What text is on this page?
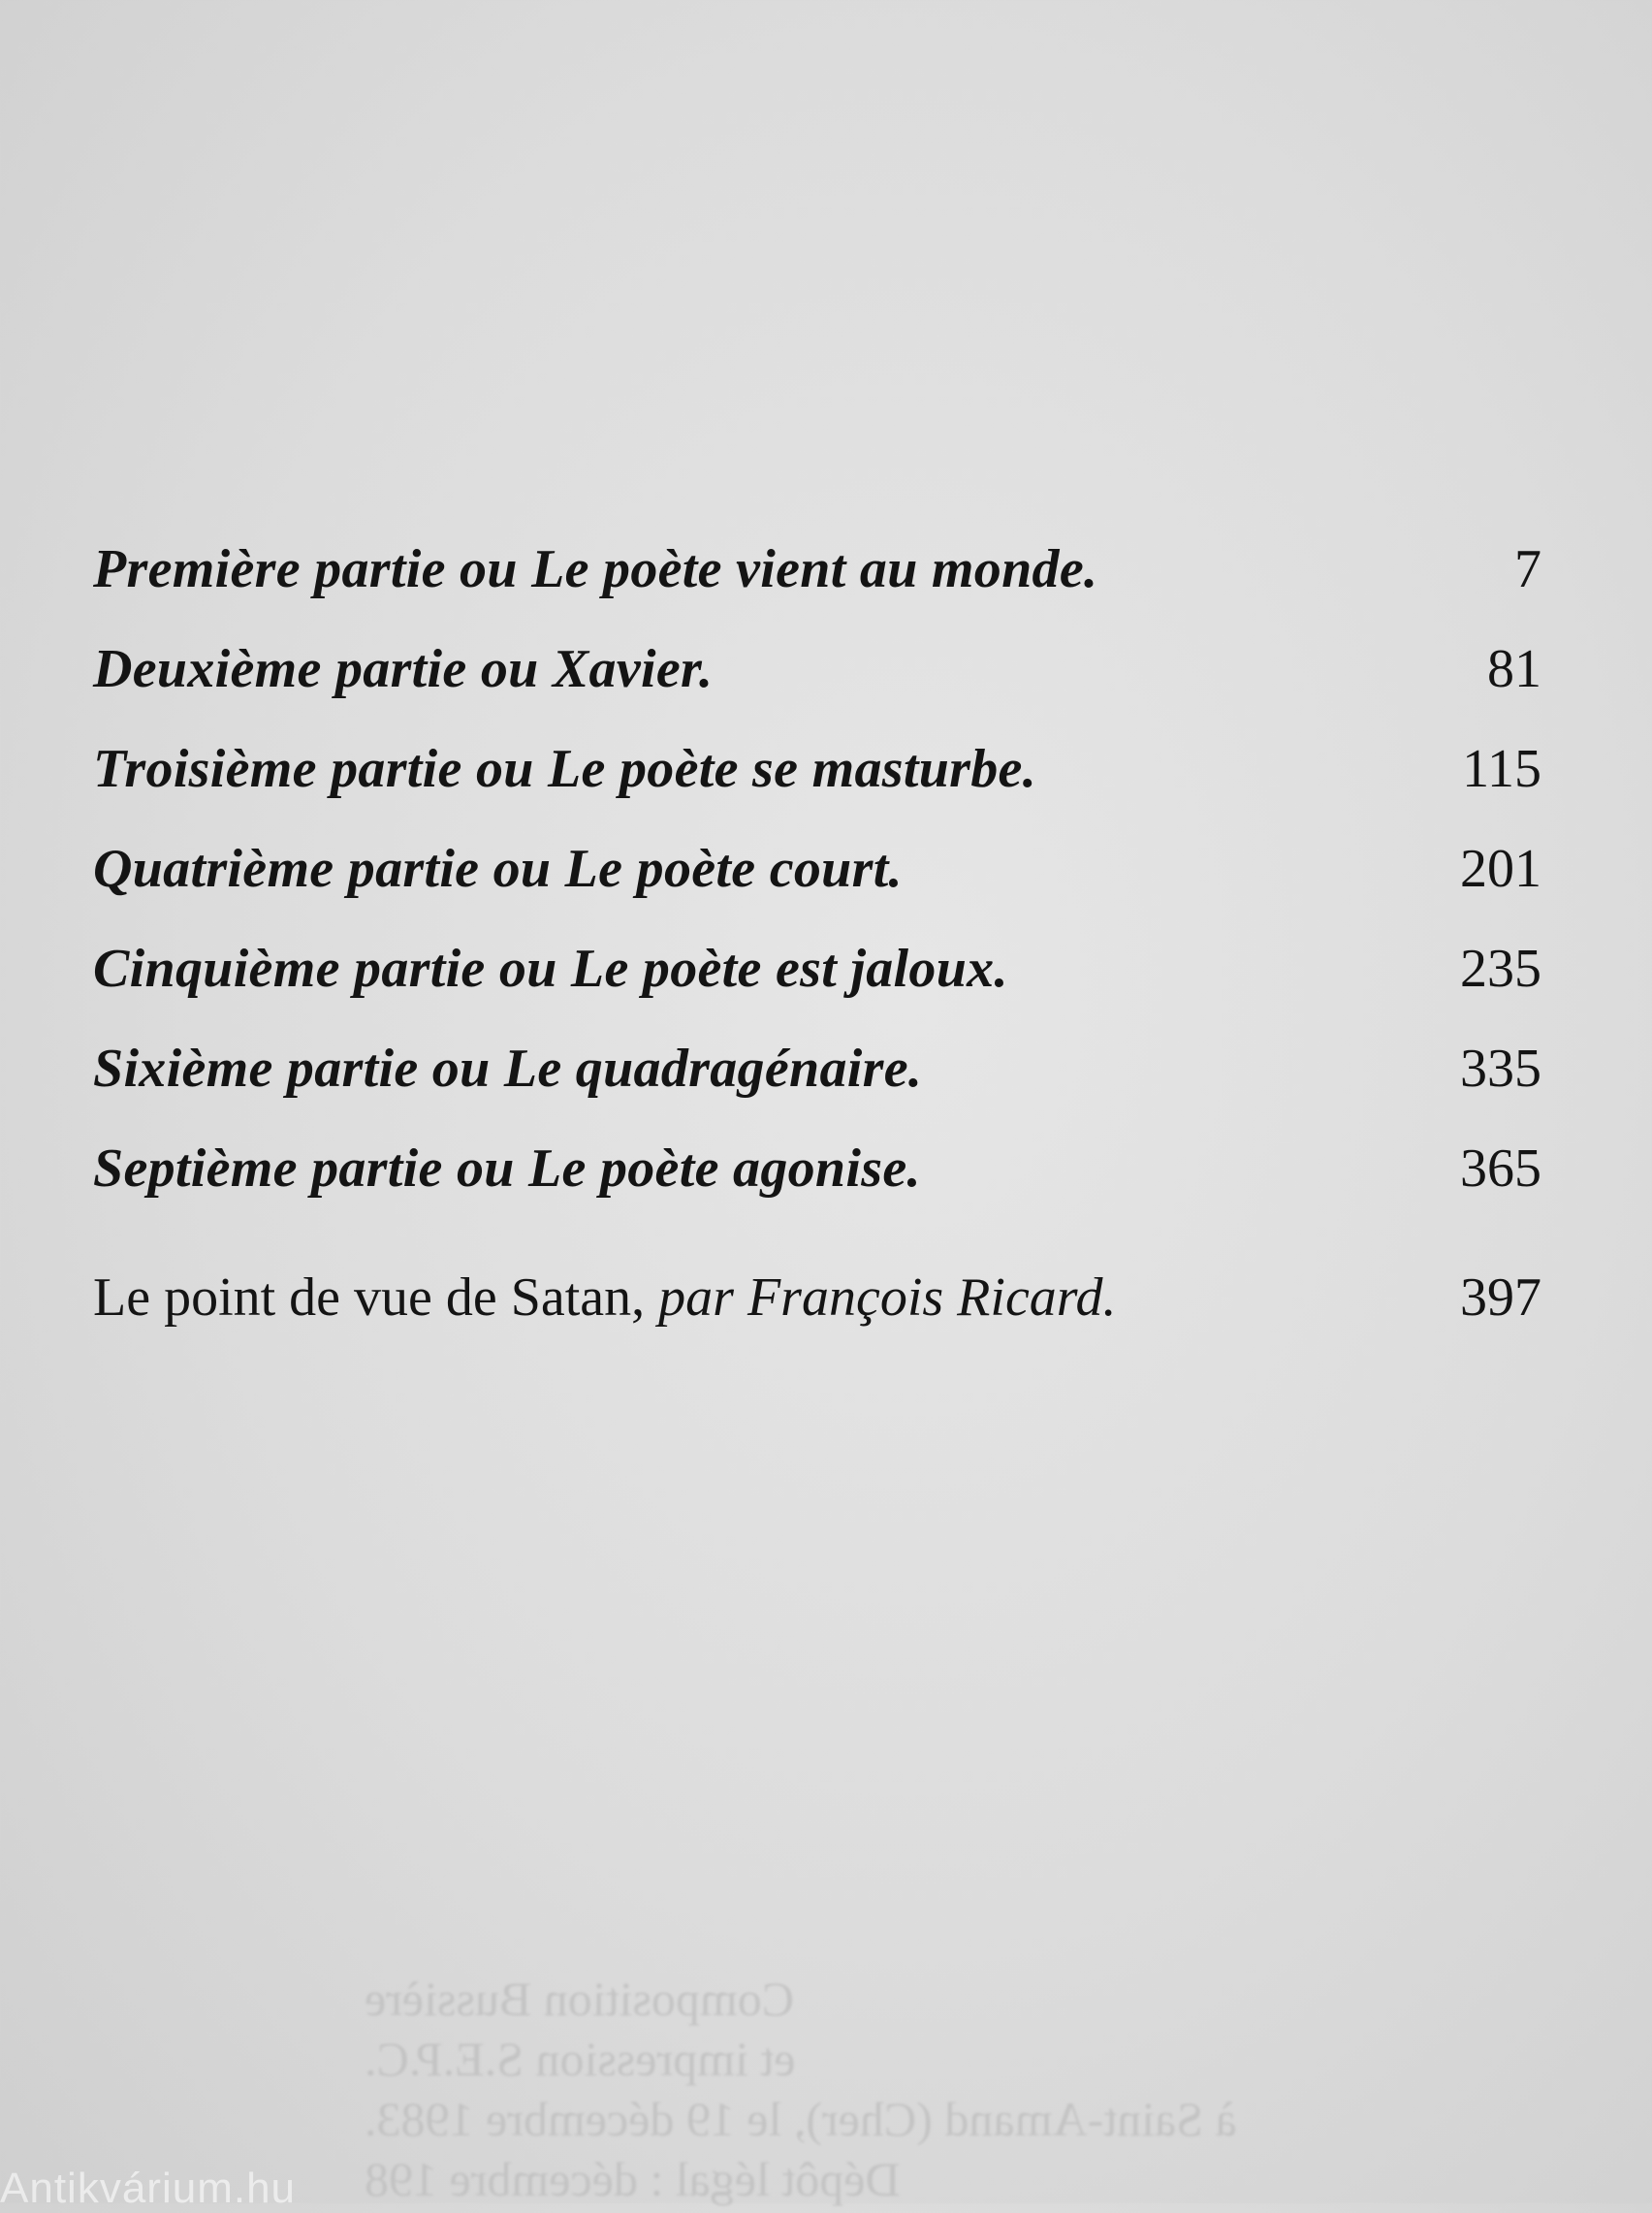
Première partie ou Le poète vient au monde.	7
Deuxième partie ou Xavier.	81
Troisième partie ou Le poète se masturbe.	115
Quatrième partie ou Le poète court.	201
Cinquième partie ou Le poète est jaloux.	235
Sixième partie ou Le quadragénaire.	335
Septième partie ou Le poète agonise.	365
Le point de vue de Satan, par François Ricard.	397
Composition Bussière
et impression S.E.P.C.
à Saint-Amand (Cher), le 19 décembre 1983.
Dépôt légal : décembre 198
Antikvárium.hu
